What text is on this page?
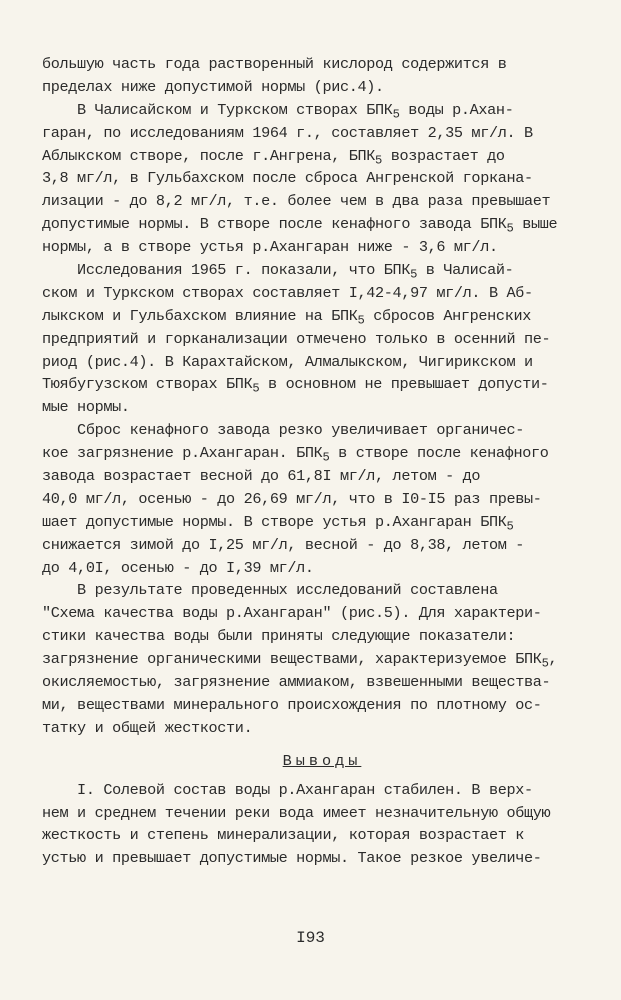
большую часть года растворенный кислород содержится в
пределах ниже допустимой нормы (рис.4).
В Чалисайском и Туркском створах $БПК_5$ воды р.Ахан-
гаран, по исследованиям 1964 г., составляет 2,35 мг/л. В
Аблыкском створе, после г.Ангрена, $БПК_5$ возрастает до
3,8 мг/л, в Гульбахском после сброса Ангренской горкана-
лизации - до 8,2 мг/л, т.е. более чем в два раза превышает
допустимые нормы. В створе после кенафного завода $БПК_5$ выше
нормы, а в створе устья р.Ахангаран ниже - 3,6 мг/л.
Исследования 1965 г. показали, что $БПК_5$ в Чалисай-
ском и Туркском створах составляет I,42-4,97 мг/л. В Аб-
лыкском и Гульбахском влияние на $БПК_5$ сбросов Ангренских
предприятий и горканализации отмечено только в осенний пе-
риод (рис.4). В Карахтайском, Алмалыкском, Чигирикском и
Тюябугузском створах $БПК_5$ в основном не превышает допусти-
мые нормы.
Сброс кенафного завода резко увеличивает органичес-
кое загрязнение р.Ахангаран. $БПК_5$ в створе после кенафного
завода возрастает весной до 61,8I мг/л, летом - до
40,0 мг/л, осенью - до 26,69 мг/л, что в I0-I5 раз превы-
шает допустимые нормы. В створе устья р.Ахангаран $БПК_5$
снижается зимой до I,25 мг/л, весной - до 8,38, летом -
до 4,0I, осенью - до I,39 мг/л.
В результате проведенных исследований составлена
"Схема качества воды р.Ахангаран" (рис.5). Для характери-
стики качества воды были приняты следующие показатели:
загрязнение органическими веществами, характеризуемое $БПК_5$,
окисляемостью, загрязнение аммиаком, взвешенными вещества-
ми, веществами минерального происхождения по плотному ос-
татку и общей жесткости.
Выводы
I. Солевой состав воды р.Ахангаран стабилен. В верх-
нем и среднем течении реки вода имеет незначительную общую
жесткость и степень минерализации, которая возрастает к
устью и превышает допустимые нормы. Такое резкое увеличе-
I93
